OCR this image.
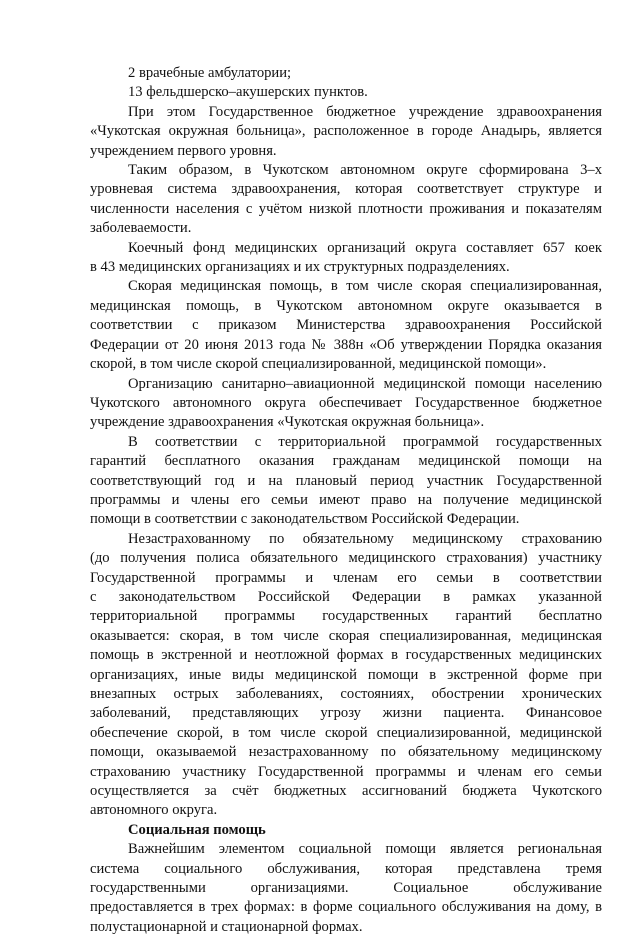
2 врачебные амбулатории;
13 фельдшерско–акушерских пунктов.
При этом Государственное бюджетное учреждение здравоохранения
«Чукотская окружная больница», расположенное в городе Анадырь, является
учреждением первого уровня.
Таким образом, в Чукотском автономном округе сформирована 3–х
уровневая система здравоохранения, которая соответствует структуре и
численности населения с учётом низкой плотности проживания и показателям
заболеваемости.
Коечный фонд медицинских организаций округа составляет 657 коек
в 43 медицинских организациях и их структурных подразделениях.
Скорая медицинская помощь, в том числе скорая специализированная,
медицинская помощь, в Чукотском автономном округе оказывается в
соответствии с приказом Министерства здравоохранения Российской
Федерации от 20 июня 2013 года № 388н «Об утверждении Порядка оказания
скорой, в том числе скорой специализированной, медицинской помощи».
Организацию санитарно–авиационной медицинской помощи населению
Чукотского автономного округа обеспечивает Государственное бюджетное
учреждение здравоохранения «Чукотская окружная больница».
В соответствии с территориальной программой государственных
гарантий бесплатного оказания гражданам медицинской помощи на
соответствующий год и на плановый период участник Государственной
программы и члены его семьи имеют право на получение медицинской
помощи в соответствии с законодательством Российской Федерации.
Незастрахованному по обязательному медицинскому страхованию
(до получения полиса обязательного медицинского страхования) участнику
Государственной программы и членам его семьи в соответствии
с законодательством Российской Федерации в рамках указанной
территориальной программы государственных гарантий бесплатно
оказывается: скорая, в том числе скорая специализированная, медицинская
помощь в экстренной и неотложной формах в государственных медицинских
организациях, иные виды медицинской помощи в экстренной форме при
внезапных острых заболеваниях, состояниях, обострении хронических
заболеваний, представляющих угрозу жизни пациента. Финансовое
обеспечение скорой, в том числе скорой специализированной, медицинской
помощи, оказываемой незастрахованному по обязательному медицинскому
страхованию участнику Государственной программы и членам его семьи
осуществляется за счёт бюджетных ассигнований бюджета Чукотского
автономного округа.
Социальная помощь
Важнейшим элементом социальной помощи является региональная
система социального обслуживания, которая представлена тремя
государственными организациями. Социальное обслуживание
предоставляется в трех формах: в форме социального обслуживания на дому, в
полустационарной и стационарной формах.
